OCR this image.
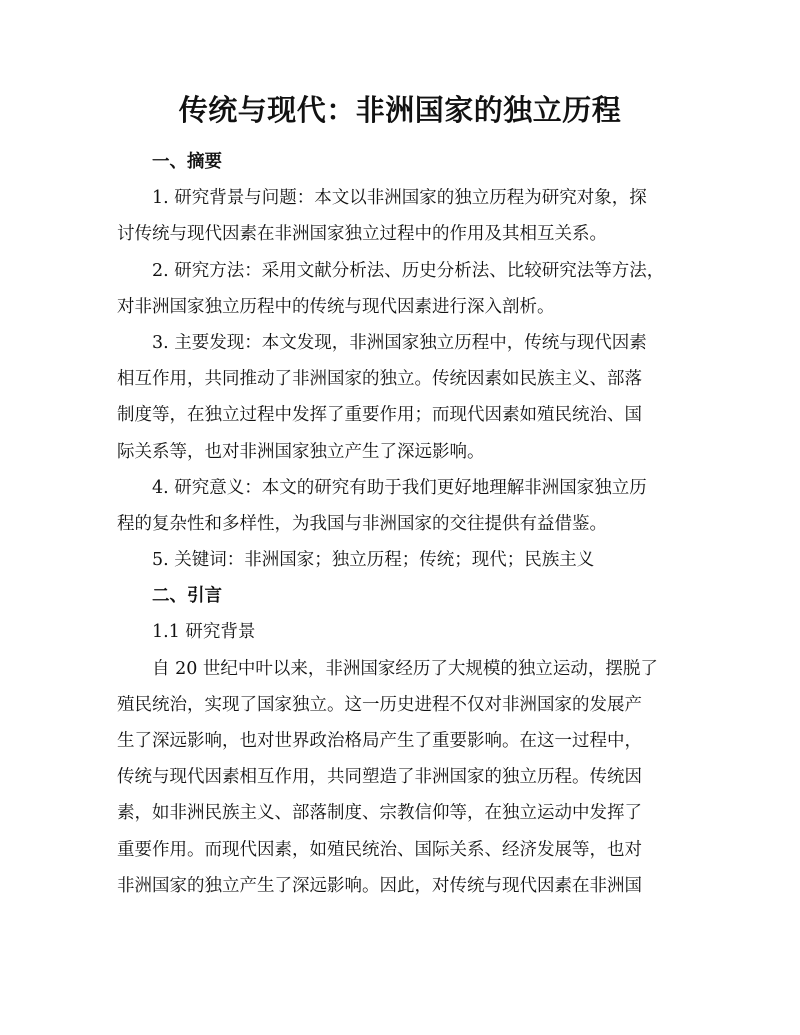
传统与现代：非洲国家的独立历程
一、摘要
1. 研究背景与问题：本文以非洲国家的独立历程为研究对象，探
讨传统与现代因素在非洲国家独立过程中的作用及其相互关系。
2. 研究方法：采用文献分析法、历史分析法、比较研究法等方法，
对非洲国家独立历程中的传统与现代因素进行深入剖析。
3. 主要发现：本文发现，非洲国家独立历程中，传统与现代因素
相互作用，共同推动了非洲国家的独立。传统因素如民族主义、部落
制度等，在独立过程中发挥了重要作用；而现代因素如殖民统治、国
际关系等，也对非洲国家独立产生了深远影响。
4. 研究意义：本文的研究有助于我们更好地理解非洲国家独立历
程的复杂性和多样性，为我国与非洲国家的交往提供有益借鉴。
5. 关键词：非洲国家；独立历程；传统；现代；民族主义
二、引言
1.1 研究背景
自 20 世纪中叶以来，非洲国家经历了大规模的独立运动，摆脱了
殖民统治，实现了国家独立。这一历史进程不仅对非洲国家的发展产
生了深远影响，也对世界政治格局产生了重要影响。在这一过程中，
传统与现代因素相互作用，共同塑造了非洲国家的独立历程。传统因
素，如非洲民族主义、部落制度、宗教信仰等，在独立运动中发挥了
重要作用。而现代因素，如殖民统治、国际关系、经济发展等，也对
非洲国家的独立产生了深远影响。因此，对传统与现代因素在非洲国
